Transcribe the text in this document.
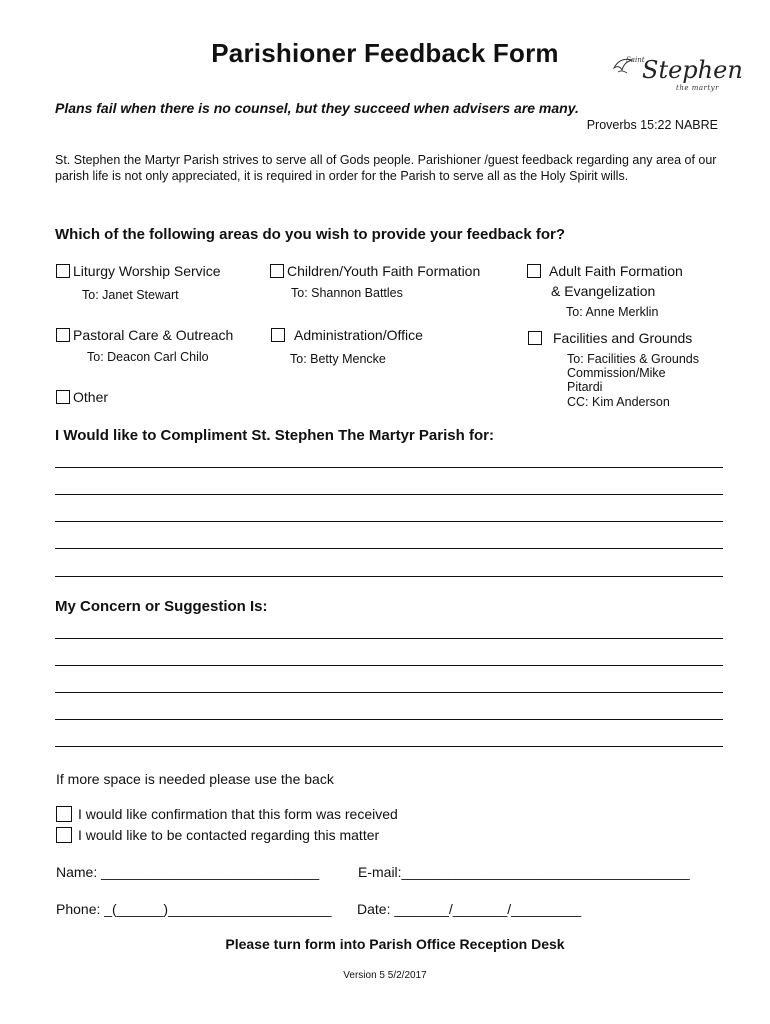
Parishioner Feedback Form	Saint
Stephen
the martyr
Plans fail when there is no counsel, but they succeed when advisers are many.
Proverbs 15:22 NABRE
St. Stephen the Martyr Parish strives to serve all of Gods people. Parishioner /guest feedback regarding any area of our parish life is not only appreciated, it is required in order for the Parish to serve all as the Holy Spirit wills.
Which of the following areas do you wish to provide your feedback for?
Liturgy Worship Service
To: Janet Stewart
Children/Youth Faith Formation
To: Shannon Battles
Adult Faith Formation
& Evangelization
To: Anne Merklin
Pastoral Care & Outreach
To: Deacon Carl Chilo
Administration/Office
To: Betty Mencke
Facilities and Grounds
To: Facilities & Grounds
Commission/Mike
Pitardi
CC: Kim Anderson
Other
I Would like to Compliment St. Stephen The Martyr Parish for:
My Concern or Suggestion Is:
If more space is needed please use the back
I would like confirmation that this form was received
I would like to be contacted regarding this matter
Name: ____________________________	E-mail:_____________________________________
Phone: _(______)_____________________ Date: _______/_______/_________
Please turn form into Parish Office Reception Desk
Version 5 5/2/2017
